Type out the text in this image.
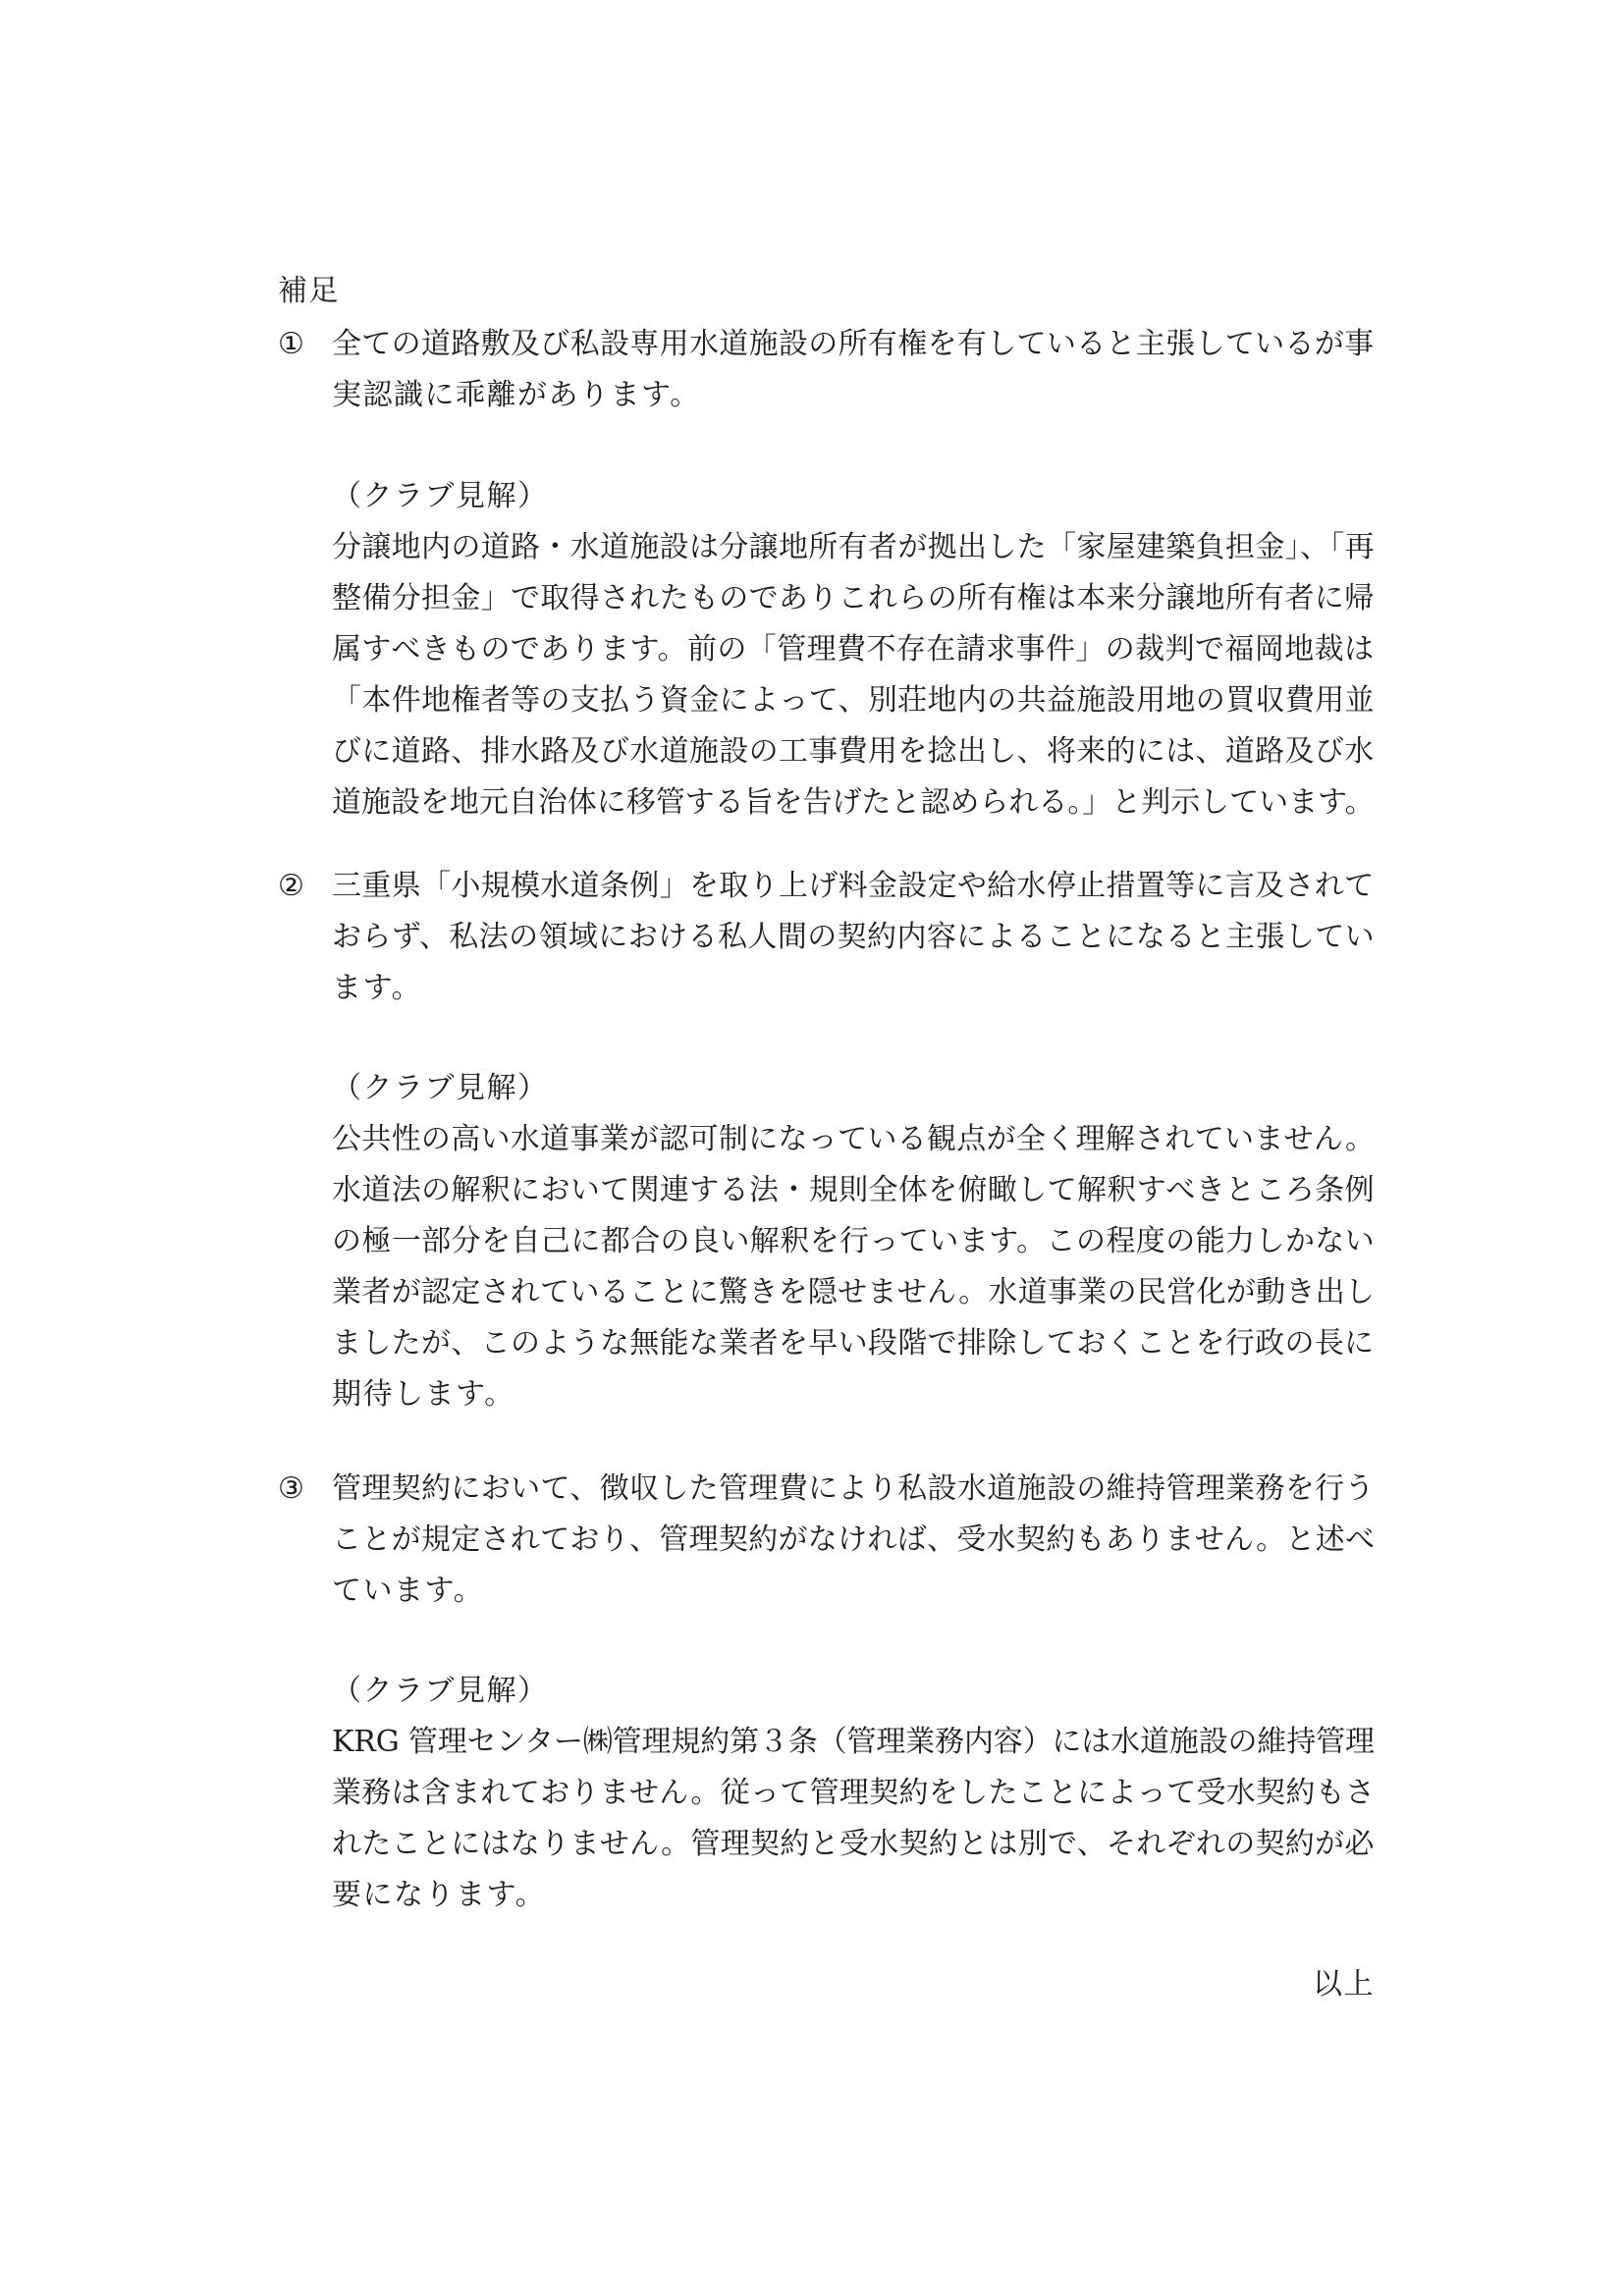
補足
① 全ての道路敷及び私設専用水道施設の所有権を有していると主張しているが事
実認識に乖離があります。
（クラブ見解）
分譲地内の道路・水道施設は分譲地所有者が拠出した「家屋建築負担金」、「再
整備分担金」で取得されたものでありこれらの所有権は本来分譲地所有者に帰
属すべきものであります。前の「管理費不存在請求事件」の裁判で福岡地裁は
「本件地権者等の支払う資金によって、別荘地内の共益施設用地の買収費用並
びに道路、排水路及び水道施設の工事費用を捻出し、将来的には、道路及び水
道施設を地元自治体に移管する旨を告げたと認められる。」と判示しています。
② 三重県「小規模水道条例」を取り上げ料金設定や給水停止措置等に言及されて
おらず、私法の領域における私人間の契約内容によることになると主張してい
ます。
（クラブ見解）
公共性の高い水道事業が認可制になっている観点が全く理解されていません。
水道法の解釈において関連する法・規則全体を俯瞰して解釈すべきところ条例
の極一部分を自己に都合の良い解釈を行っています。この程度の能力しかない
業者が認定されていることに驚きを隠せません。水道事業の民営化が動き出し
ましたが、このような無能な業者を早い段階で排除しておくことを行政の長に
期待します。
③ 管理契約において、徴収した管理費により私設水道施設の維持管理業務を行う
ことが規定されており、管理契約がなければ、受水契約もありません。と述べ
ています。
（クラブ見解）
KRG 管理センター㈱管理規約第３条（管理業務内容）には水道施設の維持管理
業務は含まれておりません。従って管理契約をしたことによって受水契約もさ
れたことにはなりません。管理契約と受水契約とは別で、それぞれの契約が必
要になります。
以上
